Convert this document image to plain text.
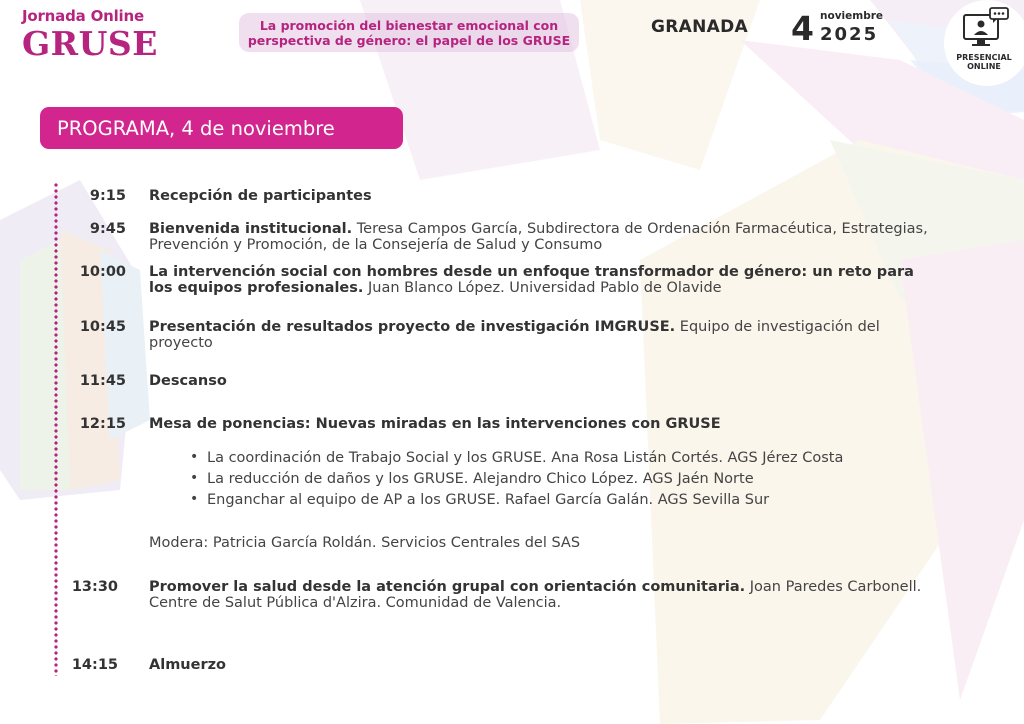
Jornada Online
GRUSE	La promoción del bienestar emocional con
perspectiva de género: el papel de los GRUSE
GRANADA 4 noviembre
2025
PRESENCIAL
ONLINE
PROGRAMA, 4 de noviembre
9:15 Recepción de participantes
9:45 Bienvenida institucional. Teresa Campos García, Subdirectora de Ordenación Farmacéutica, Estrategias, Prevención y Promoción, de la Consejería de Salud y Consumo
10:00 La intervención social con hombres desde un enfoque transformador de género: un reto para los equipos profesionales. Juan Blanco López. Universidad Pablo de Olavide
10:45 Presentación de resultados proyecto de investigación IMGRUSE. Equipo de investigación del proyecto
11:45 Descanso
12:15 Mesa de ponencias: Nuevas miradas en las intervenciones con GRUSE
• La coordinación de Trabajo Social y los GRUSE. Ana Rosa Listán Cortés. AGS Jérez Costa
• La reducción de daños y los GRUSE. Alejandro Chico López. AGS Jaén Norte
• Enganchar al equipo de AP a los GRUSE. Rafael García Galán. AGS Sevilla Sur
Modera: Patricia García Roldán. Servicios Centrales del SAS
13:30 Promover la salud desde la atención grupal con orientación comunitaria. Joan Paredes Carbonell. Centre de Salut Pública d'Alzira. Comunidad de Valencia.
14:15 Almuerzo
